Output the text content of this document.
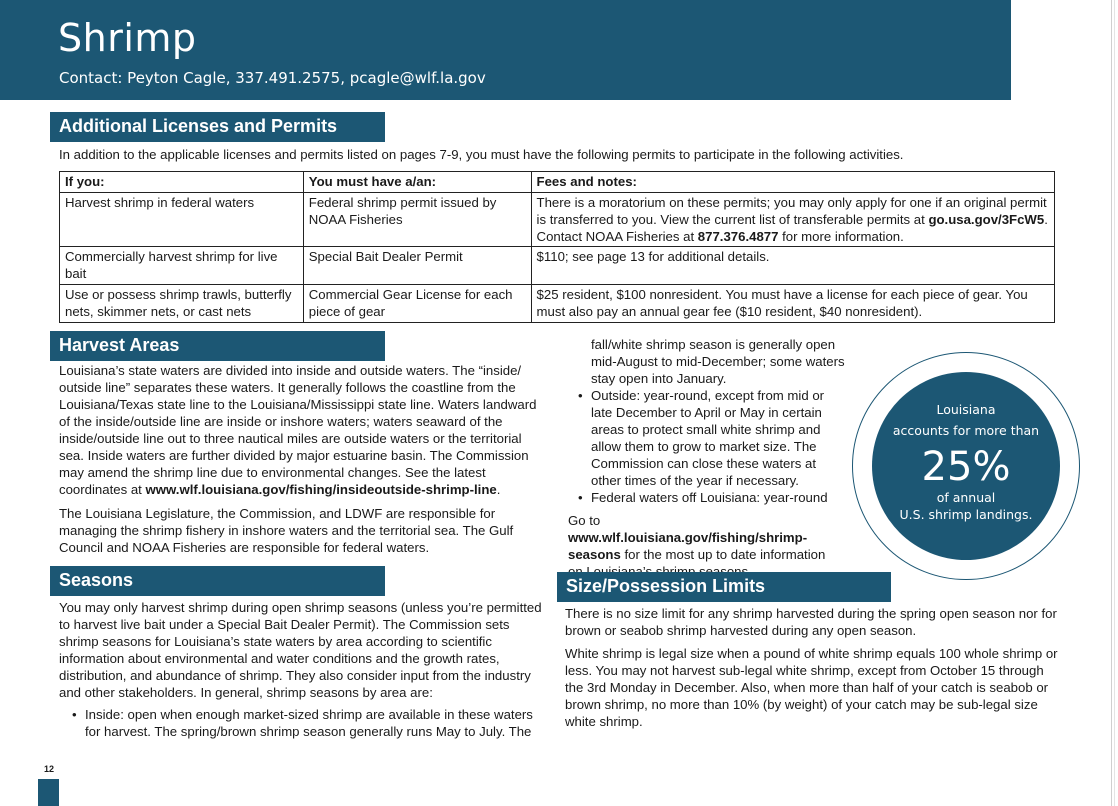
Shrimp
Contact: Peyton Cagle, 337.491.2575, pcagle@wlf.la.gov
Additional Licenses and Permits
In addition to the applicable licenses and permits listed on pages 7-9, you must have the following permits to participate in the following activities.
If you:	You must have a/an:	Fees and notes:
Harvest shrimp in federal waters	Federal shrimp permit issued by NOAA Fisheries	There is a moratorium on these permits; you may only apply for one if an original permit is transferred to you. View the current list of transferable permits at go.usa.gov/3FcW5. Contact NOAA Fisheries at 877.376.4877 for more information.
Commercially harvest shrimp for live bait	Special Bait Dealer Permit	$110; see page 13 for additional details.
Use or possess shrimp trawls, butterfly nets, skimmer nets, or cast nets	Commercial Gear License for each piece of gear	$25 resident, $100 nonresident. You must have a license for each piece of gear. You must also pay an annual gear fee ($10 resident, $40 nonresident).
Harvest Areas
Louisiana’s state waters are divided into inside and outside waters. The “inside/ outside line” separates these waters. It generally follows the coastline from the Louisiana/Texas state line to the Louisiana/Mississippi state line. Waters landward of the inside/outside line are inside or inshore waters; waters seaward of the inside/outside line out to three nautical miles are outside waters or the territorial sea. Inside waters are further divided by major estuarine basin. The Commission may amend the shrimp line due to environmental changes. See the latest coordinates at www.wlf.louisiana.gov/fishing/insideoutside-shrimp-line.
The Louisiana Legislature, the Commission, and LDWF are responsible for managing the shrimp fishery in inshore waters and the territorial sea. The Gulf Council and NOAA Fisheries are responsible for federal waters.
Seasons
You may only harvest shrimp during open shrimp seasons (unless you’re permitted to harvest live bait under a Special Bait Dealer Permit). The Commission sets shrimp seasons for Louisiana’s state waters by area according to scientific information about environmental and water conditions and the growth rates, distribution, and abundance of shrimp. They also consider input from the industry and other stakeholders. In general, shrimp seasons by area are:
• Inside: open when enough market-sized shrimp are available in these waters for harvest. The spring/brown shrimp season generally runs May to July. The
fall/white shrimp season is generally open mid-August to mid-December; some waters stay open into January.
• Outside: year-round, except from mid or late December to April or May in certain areas to protect small white shrimp and allow them to grow to market size. The Commission can close these waters at other times of the year if necessary.
• Federal waters off Louisiana: year-round
Go to www.wlf.louisiana.gov/fishing/shrimp-seasons for the most up to date information
Louisiana
accounts for more than
25%
of annual
U.S. shrimp landings.
Size/Possession Limits
There is no size limit for any shrimp harvested during the spring open season nor for brown or seabob shrimp harvested during any open season.
White shrimp is legal size when a pound of white shrimp equals 100 whole shrimp or less. You may not harvest sub-legal white shrimp, except from October 15 through the 3rd Monday in December. Also, when more than half of your catch is seabob or brown shrimp, no more than 10% (by weight) of your catch may be sub-legal size white shrimp.
12
